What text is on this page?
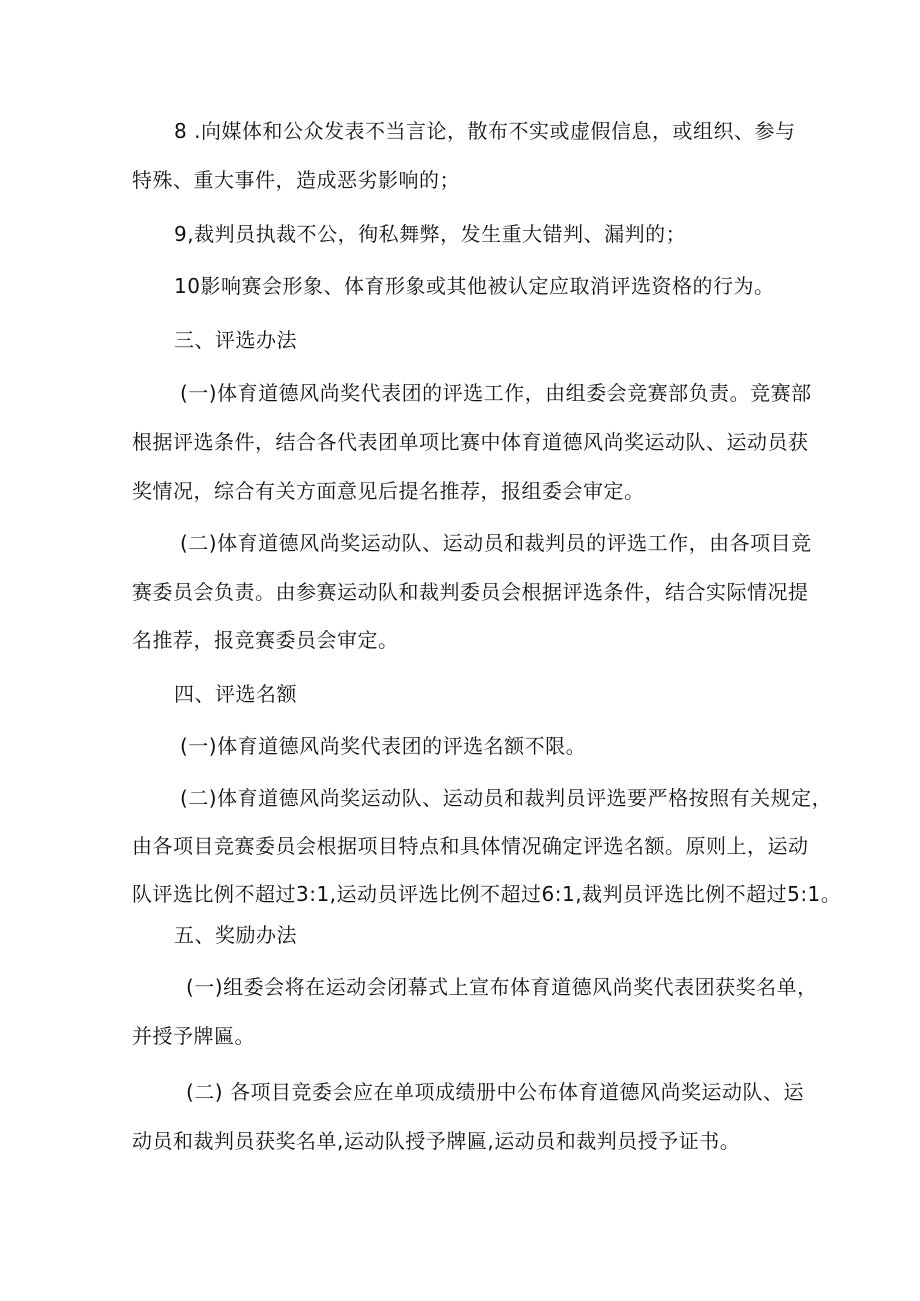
8 .向媒体和公众发表不当言论，散布不实或虚假信息，或组织、参与
特殊、重大事件，造成恶劣影响的；
9,裁判员执裁不公，徇私舞弊，发生重大错判、漏判的；
10影响赛会形象、体育形象或其他被认定应取消评选资格的行为。
三、评选办法
(一)体育道德风尚奖代表团的评选工作，由组委会竞赛部负责。竞赛部
根据评选条件，结合各代表团单项比赛中体育道德风尚奖运动队、运动员获
奖情况，综合有关方面意见后提名推荐，报组委会审定。
(二)体育道德风尚奖运动队、运动员和裁判员的评选工作，由各项目竞
赛委员会负责。由参赛运动队和裁判委员会根据评选条件，结合实际情况提
名推荐，报竞赛委员会审定。
四、评选名额
(一)体育道德风尚奖代表团的评选名额不限。
(二)体育道德风尚奖运动队、运动员和裁判员评选要严格按照有关规定，
由各项目竞赛委员会根据项目特点和具体情况确定评选名额。原则上，运动
队评选比例不超过3:1,运动员评选比例不超过6:1,裁判员评选比例不超过5:1。
五、奖励办法
(一)组委会将在运动会闭幕式上宣布体育道德风尚奖代表团获奖名单，
并授予牌匾。
(二) 各项目竞委会应在单项成绩册中公布体育道德风尚奖运动队、运
动员和裁判员获奖名单,运动队授予牌匾,运动员和裁判员授予证书。
